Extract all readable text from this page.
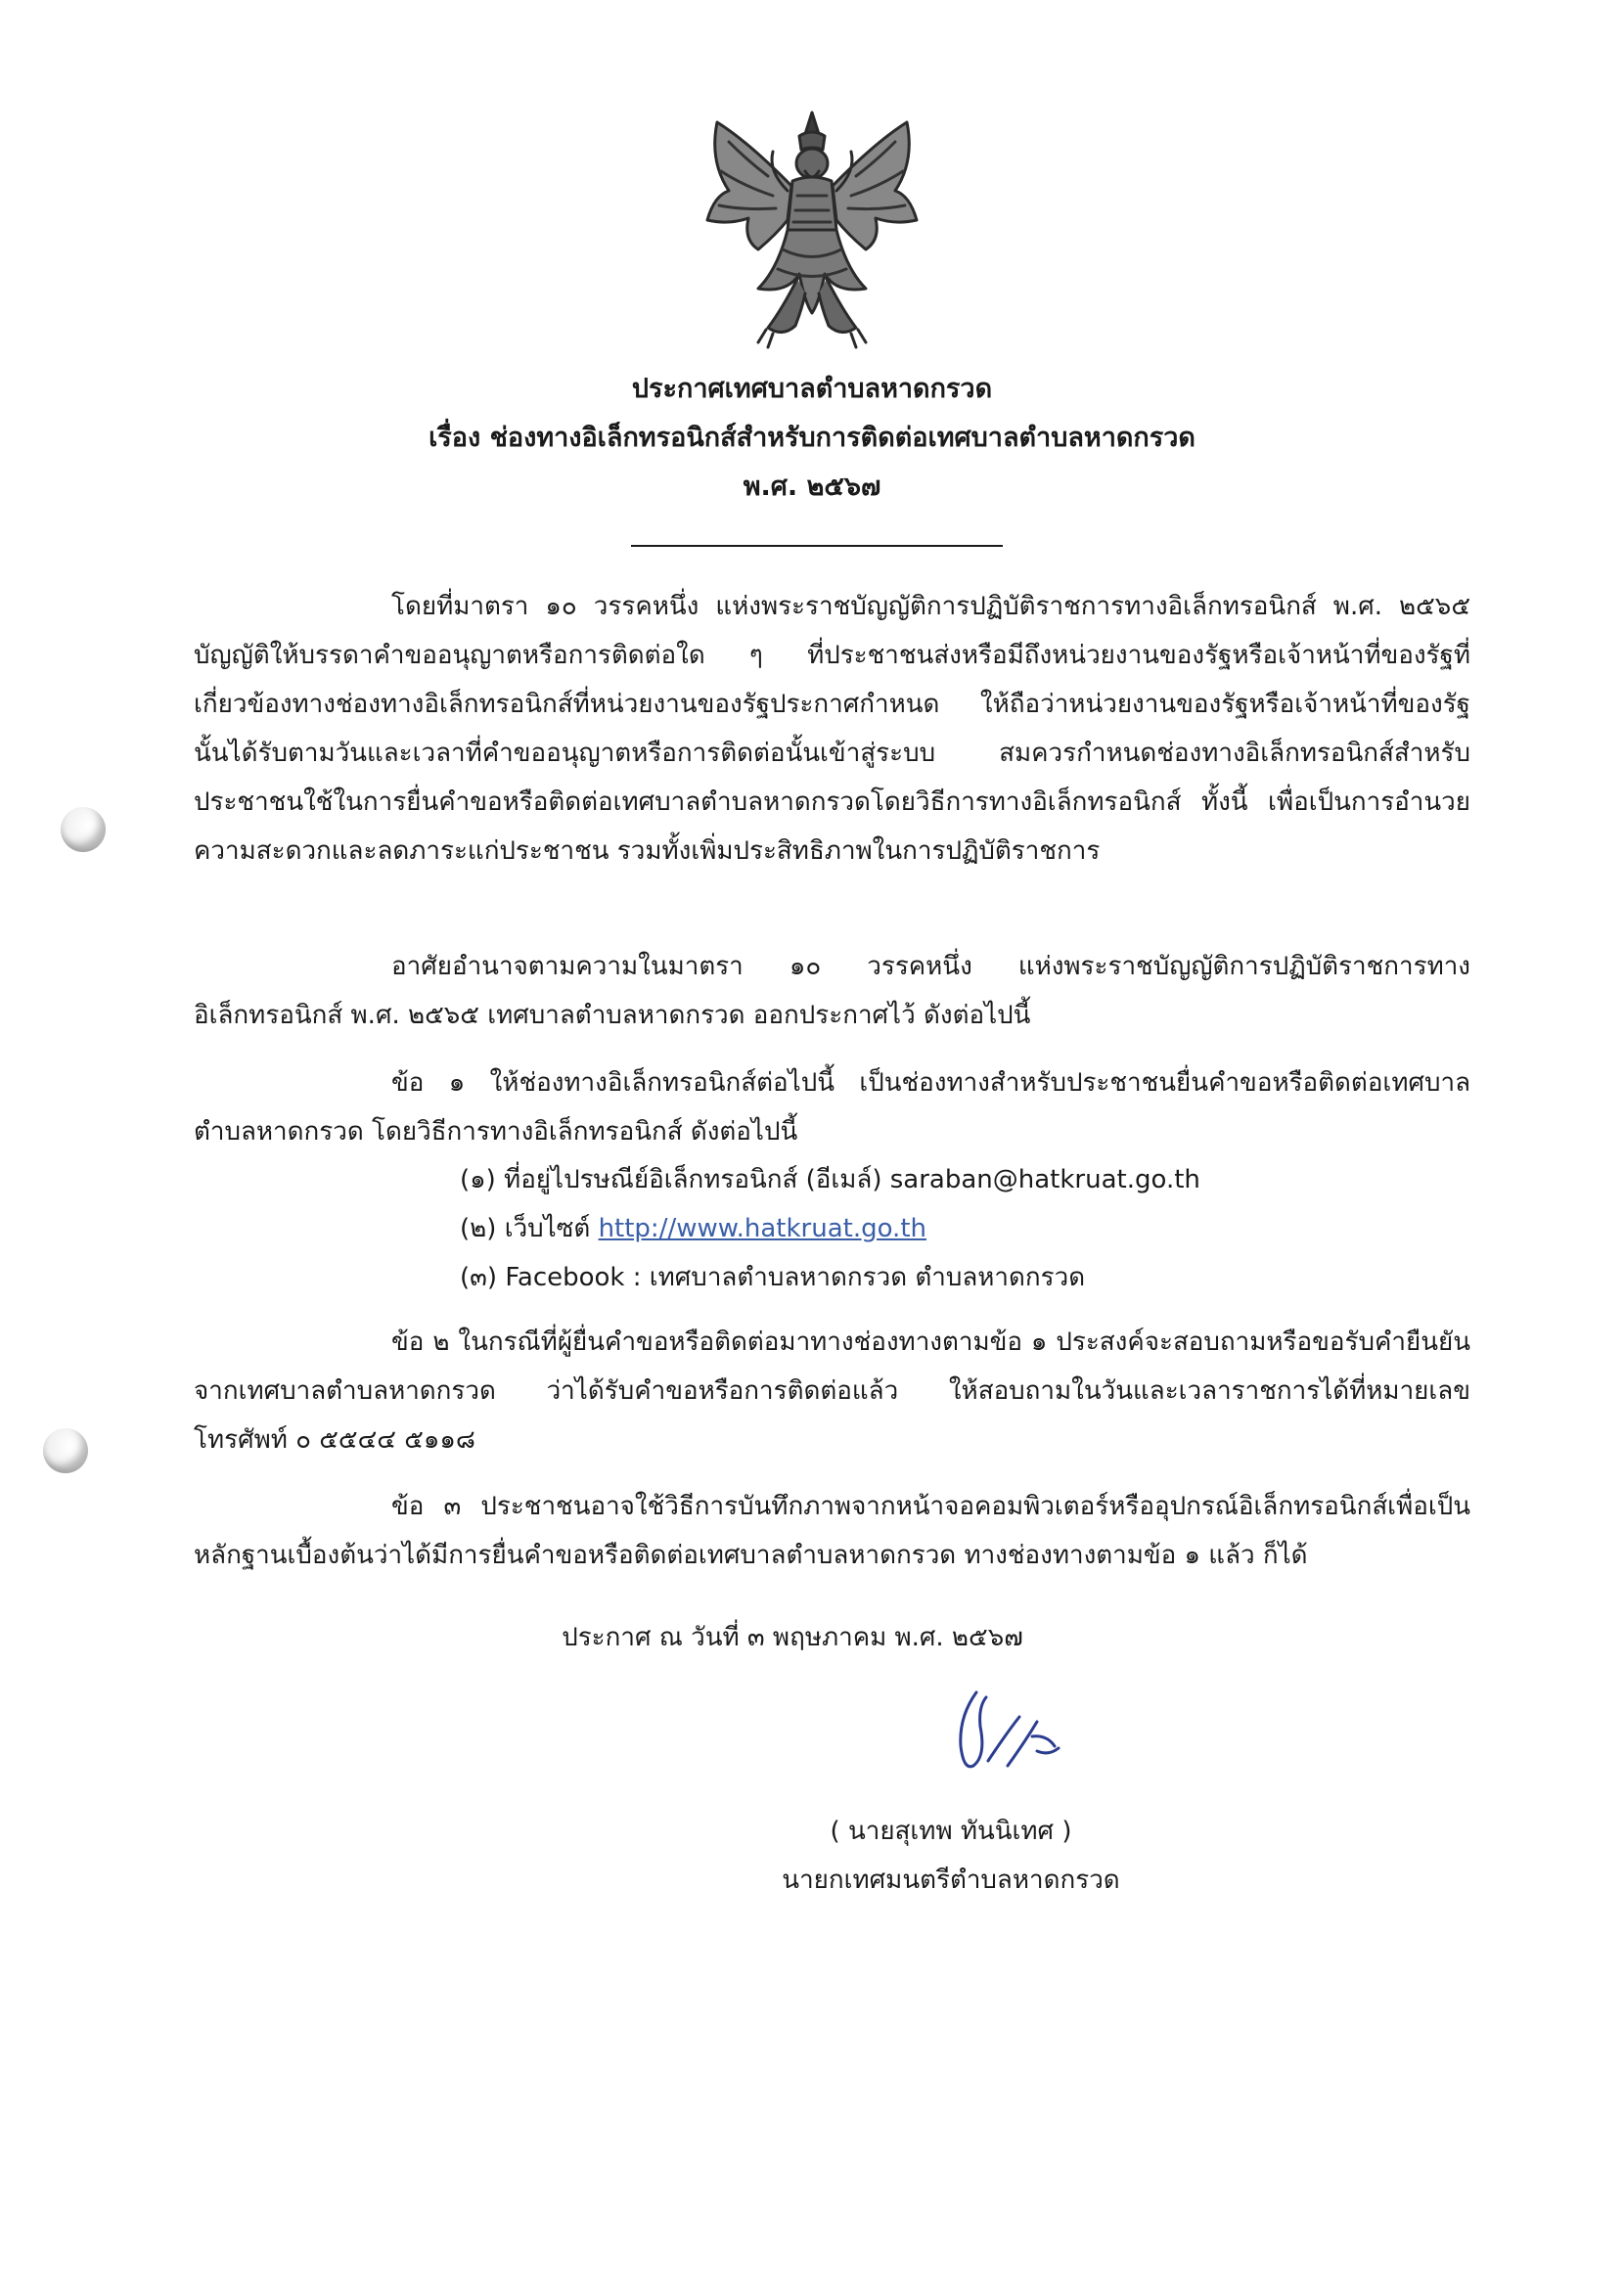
ประกาศเทศบาลตำบลหาดกรวด
เรื่อง ช่องทางอิเล็กทรอนิกส์สำหรับการติดต่อเทศบาลตำบลหาดกรวด
พ.ศ. ๒๕๖๗

โดยที่มาตรา ๑๐ วรรคหนึ่ง แห่งพระราชบัญญัติการปฏิบัติราชการทางอิเล็กทรอนิกส์ พ.ศ. ๒๕๖๕ บัญญัติให้บรรดาคำขออนุญาตหรือการติดต่อใด ๆ ที่ประชาชนส่งหรือมีถึงหน่วยงานของรัฐหรือเจ้าหน้าที่ของรัฐที่เกี่ยวข้องทางช่องทางอิเล็กทรอนิกส์ที่หน่วยงานของรัฐประกาศกำหนด ให้ถือว่าหน่วยงานของรัฐหรือเจ้าหน้าที่ของรัฐนั้นได้รับตามวันและเวลาที่คำขออนุญาตหรือการติดต่อนั้นเข้าสู่ระบบ สมควรกำหนดช่องทางอิเล็กทรอนิกส์สำหรับประชาชนใช้ในการยื่นคำขอหรือติดต่อเทศบาลตำบลหาดกรวดโดยวิธีการทางอิเล็กทรอนิกส์ ทั้งนี้ เพื่อเป็นการอำนวยความสะดวกและลดภาระแก่ประชาชน รวมทั้งเพิ่มประสิทธิภาพในการปฏิบัติราชการ

อาศัยอำนาจตามความในมาตรา ๑๐ วรรคหนึ่ง แห่งพระราชบัญญัติการปฏิบัติราชการทางอิเล็กทรอนิกส์ พ.ศ. ๒๕๖๕ เทศบาลตำบลหาดกรวด ออกประกาศไว้ ดังต่อไปนี้

ข้อ ๑ ให้ช่องทางอิเล็กทรอนิกส์ต่อไปนี้ เป็นช่องทางสำหรับประชาชนยื่นคำขอหรือติดต่อเทศบาลตำบลหาดกรวด โดยวิธีการทางอิเล็กทรอนิกส์ ดังต่อไปนี้

(๑) ที่อยู่ไปรษณีย์อิเล็กทรอนิกส์ (อีเมล์) saraban@hatkruat.go.th
(๒) เว็บไซต์ http://www.hatkruat.go.th
(๓) Facebook : เทศบาลตำบลหาดกรวด ตำบลหาดกรวด

ข้อ ๒ ในกรณีที่ผู้ยื่นคำขอหรือติดต่อมาทางช่องทางตามข้อ ๑ ประสงค์จะสอบถามหรือขอรับคำยืนยันจากเทศบาลตำบลหาดกรวด ว่าได้รับคำขอหรือการติดต่อแล้ว ให้สอบถามในวันและเวลาราชการได้ที่หมายเลขโทรศัพท์ ๐ ๕๕๔๔ ๕๑๑๘

ข้อ ๓ ประชาชนอาจใช้วิธีการบันทึกภาพจากหน้าจอคอมพิวเตอร์หรืออุปกรณ์อิเล็กทรอนิกส์เพื่อเป็นหลักฐานเบื้องต้นว่าได้มีการยื่นคำขอหรือติดต่อเทศบาลตำบลหาดกรวด ทางช่องทางตามข้อ ๑ แล้ว ก็ได้

ประกาศ ณ วันที่ ๓ พฤษภาคม พ.ศ. ๒๕๖๗
( นายสุเทพ ทันนิเทศ )
นายกเทศมนตรีตำบลหาดกรวด
